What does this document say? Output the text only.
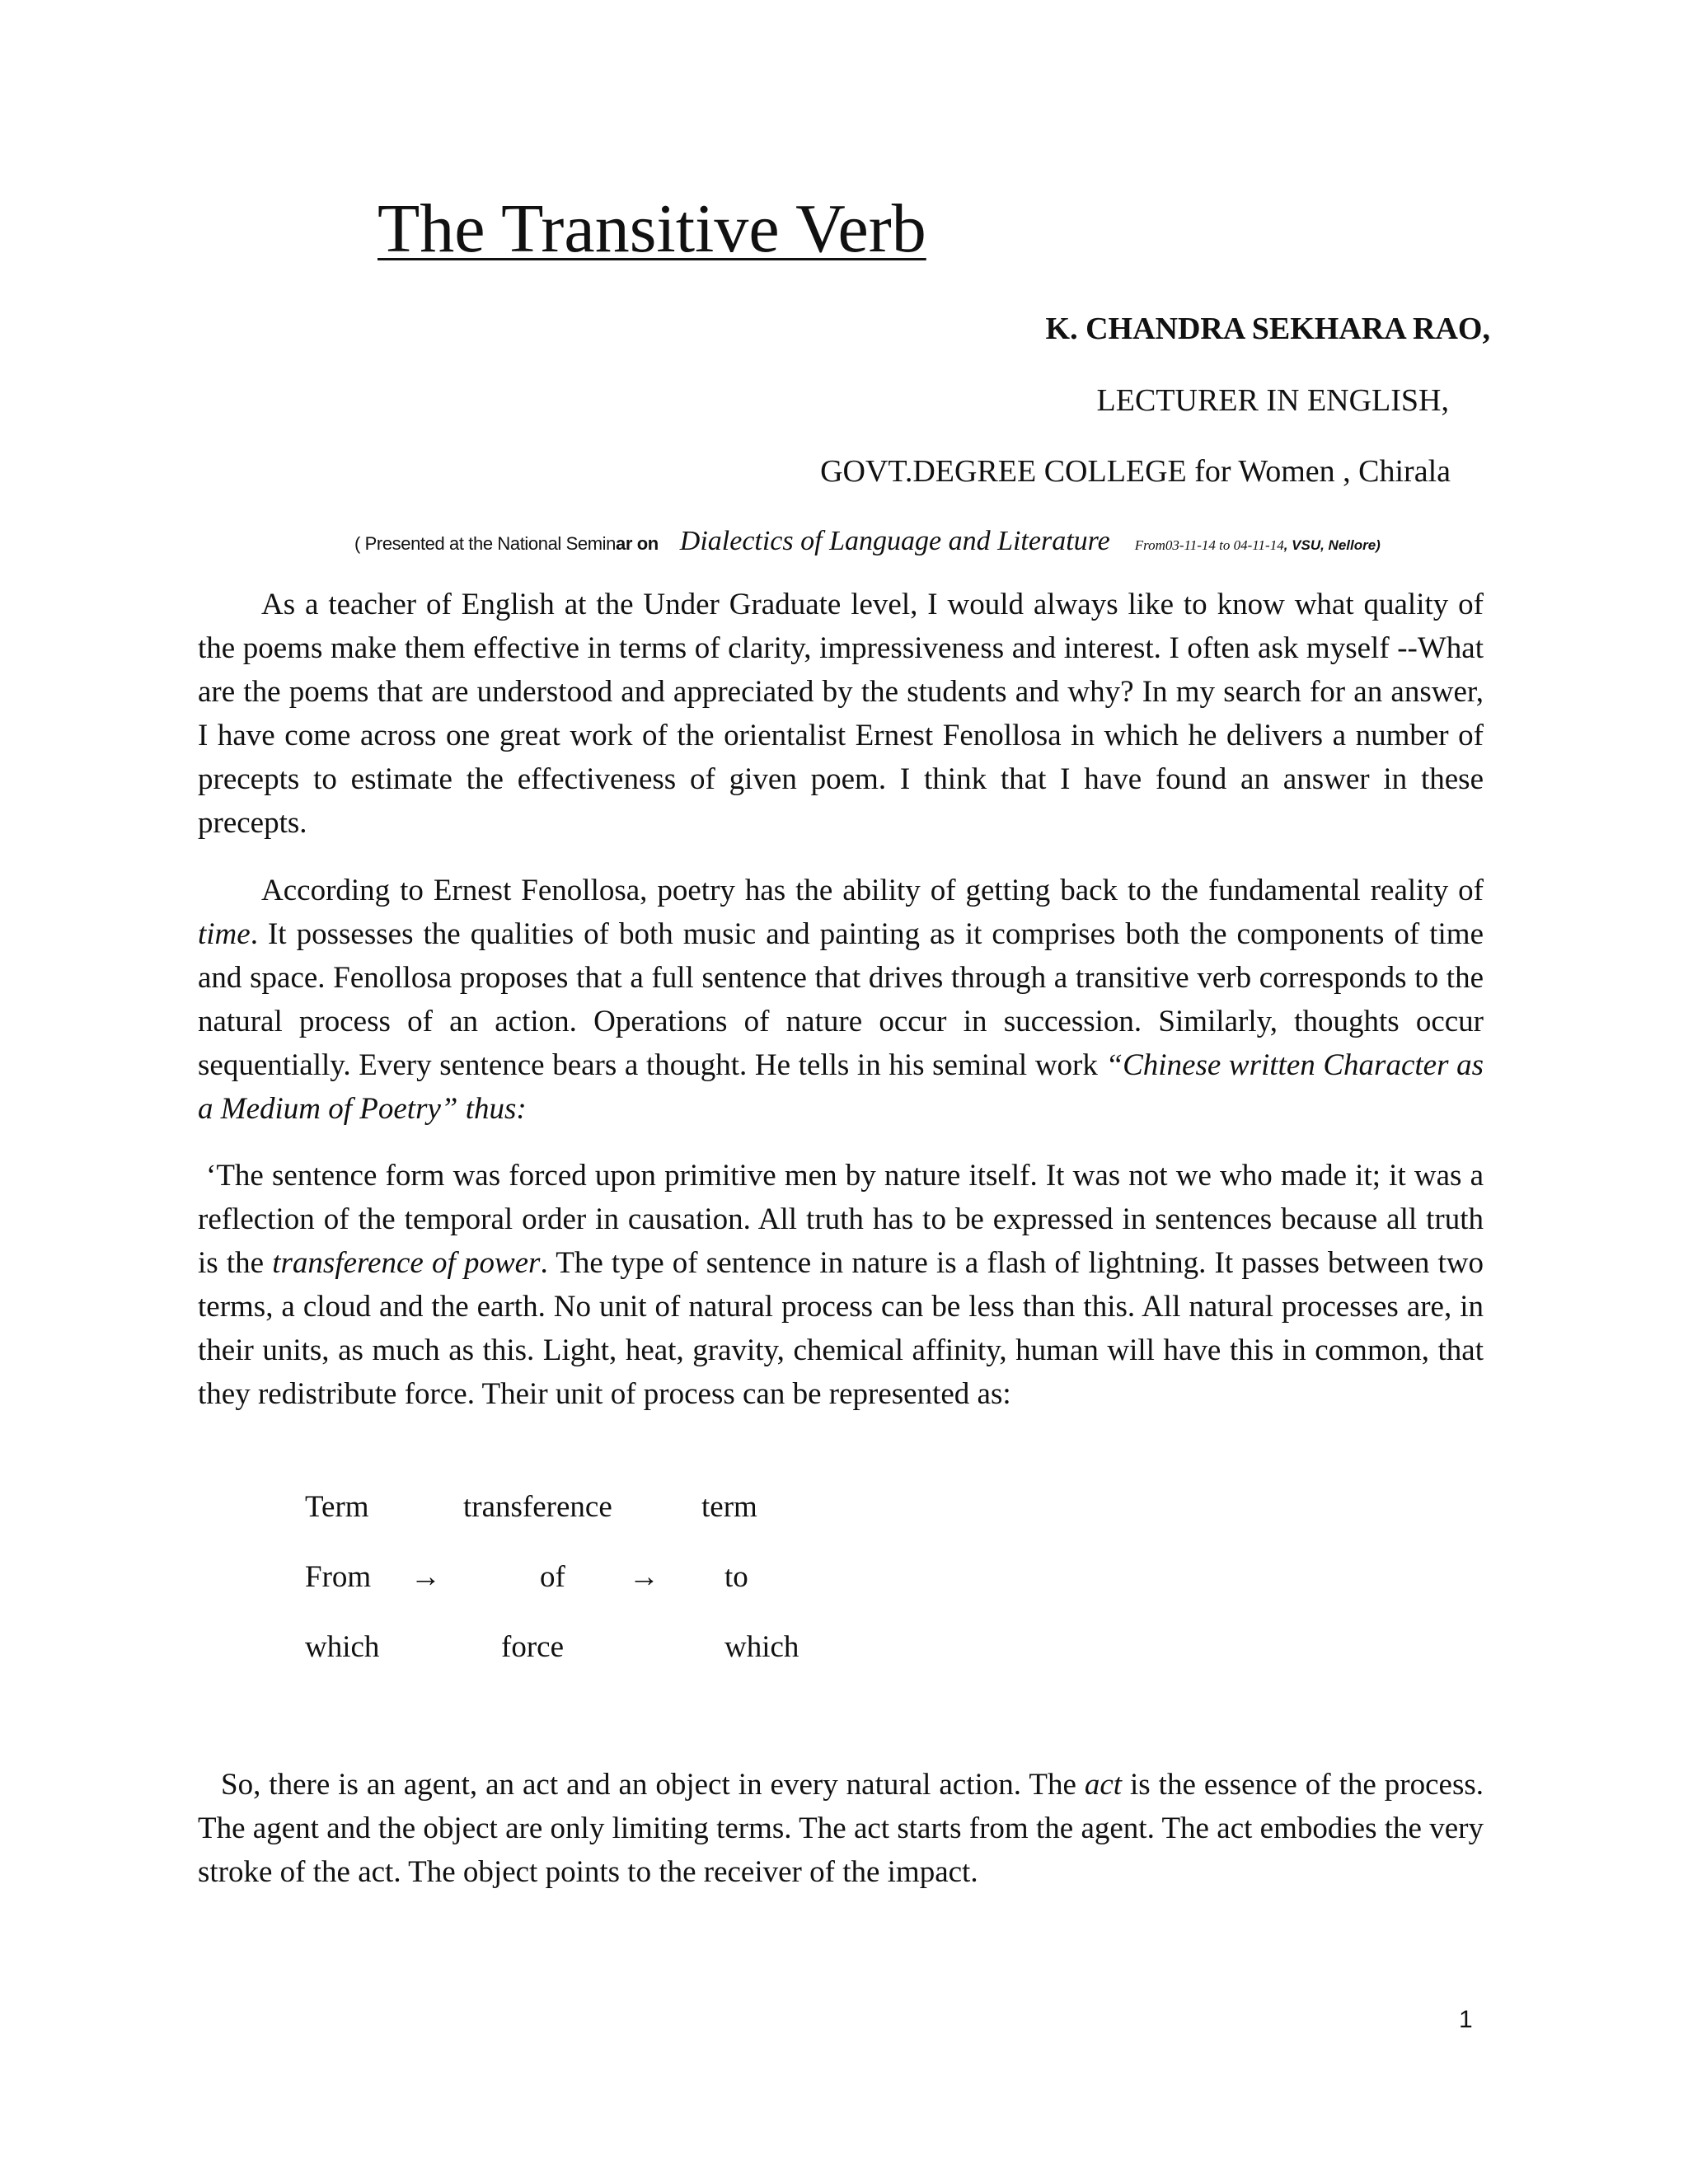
The Transitive Verb
K. CHANDRA SEKHARA RAO,
LECTURER IN ENGLISH,
GOVT.DEGREE COLLEGE for Women , Chirala
( Presented at the National Seminar on Dialectics of Language and Literature From03-11-14 to 04-11-14, VSU, Nellore)

As a teacher of English at the Under Graduate level, I would always like to know what quality of the poems make them effective in terms of clarity, impressiveness and interest. I often ask myself --What are the poems that are understood and appreciated by the students and why? In my search for an answer, I have come across one great work of the orientalist Ernest Fenollosa in which he delivers a number of precepts to estimate the effectiveness of given poem. I think that I have found an answer in these precepts.

According to Ernest Fenollosa, poetry has the ability of getting back to the fundamental reality of time. It possesses the qualities of both music and painting as it comprises both the components of time and space. Fenollosa proposes that a full sentence that drives through a transitive verb corresponds to the natural process of an action. Operations of nature occur in succession. Similarly, thoughts occur sequentially. Every sentence bears a thought. He tells in his seminal work “Chinese written Character as a Medium of Poetry” thus:

‘The sentence form was forced upon primitive men by nature itself. It was not we who made it; it was a reflection of the temporal order in causation. All truth has to be expressed in sentences because all truth is the transference of power. The type of sentence in nature is a flash of lightning. It passes between two terms, a cloud and the earth. No unit of natural process can be less than this. All natural processes are, in their units, as much as this. Light, heat, gravity, chemical affinity, human will have this in common, that they redistribute force. Their unit of process can be represented as:

Term	transference	term
From →	of → to
which	force	which

So, there is an agent, an act and an object in every natural action. The act is the essence of the process. The agent and the object are only limiting terms. The act starts from the agent. The act embodies the very stroke of the act. The object points to the receiver of the impact.

1
